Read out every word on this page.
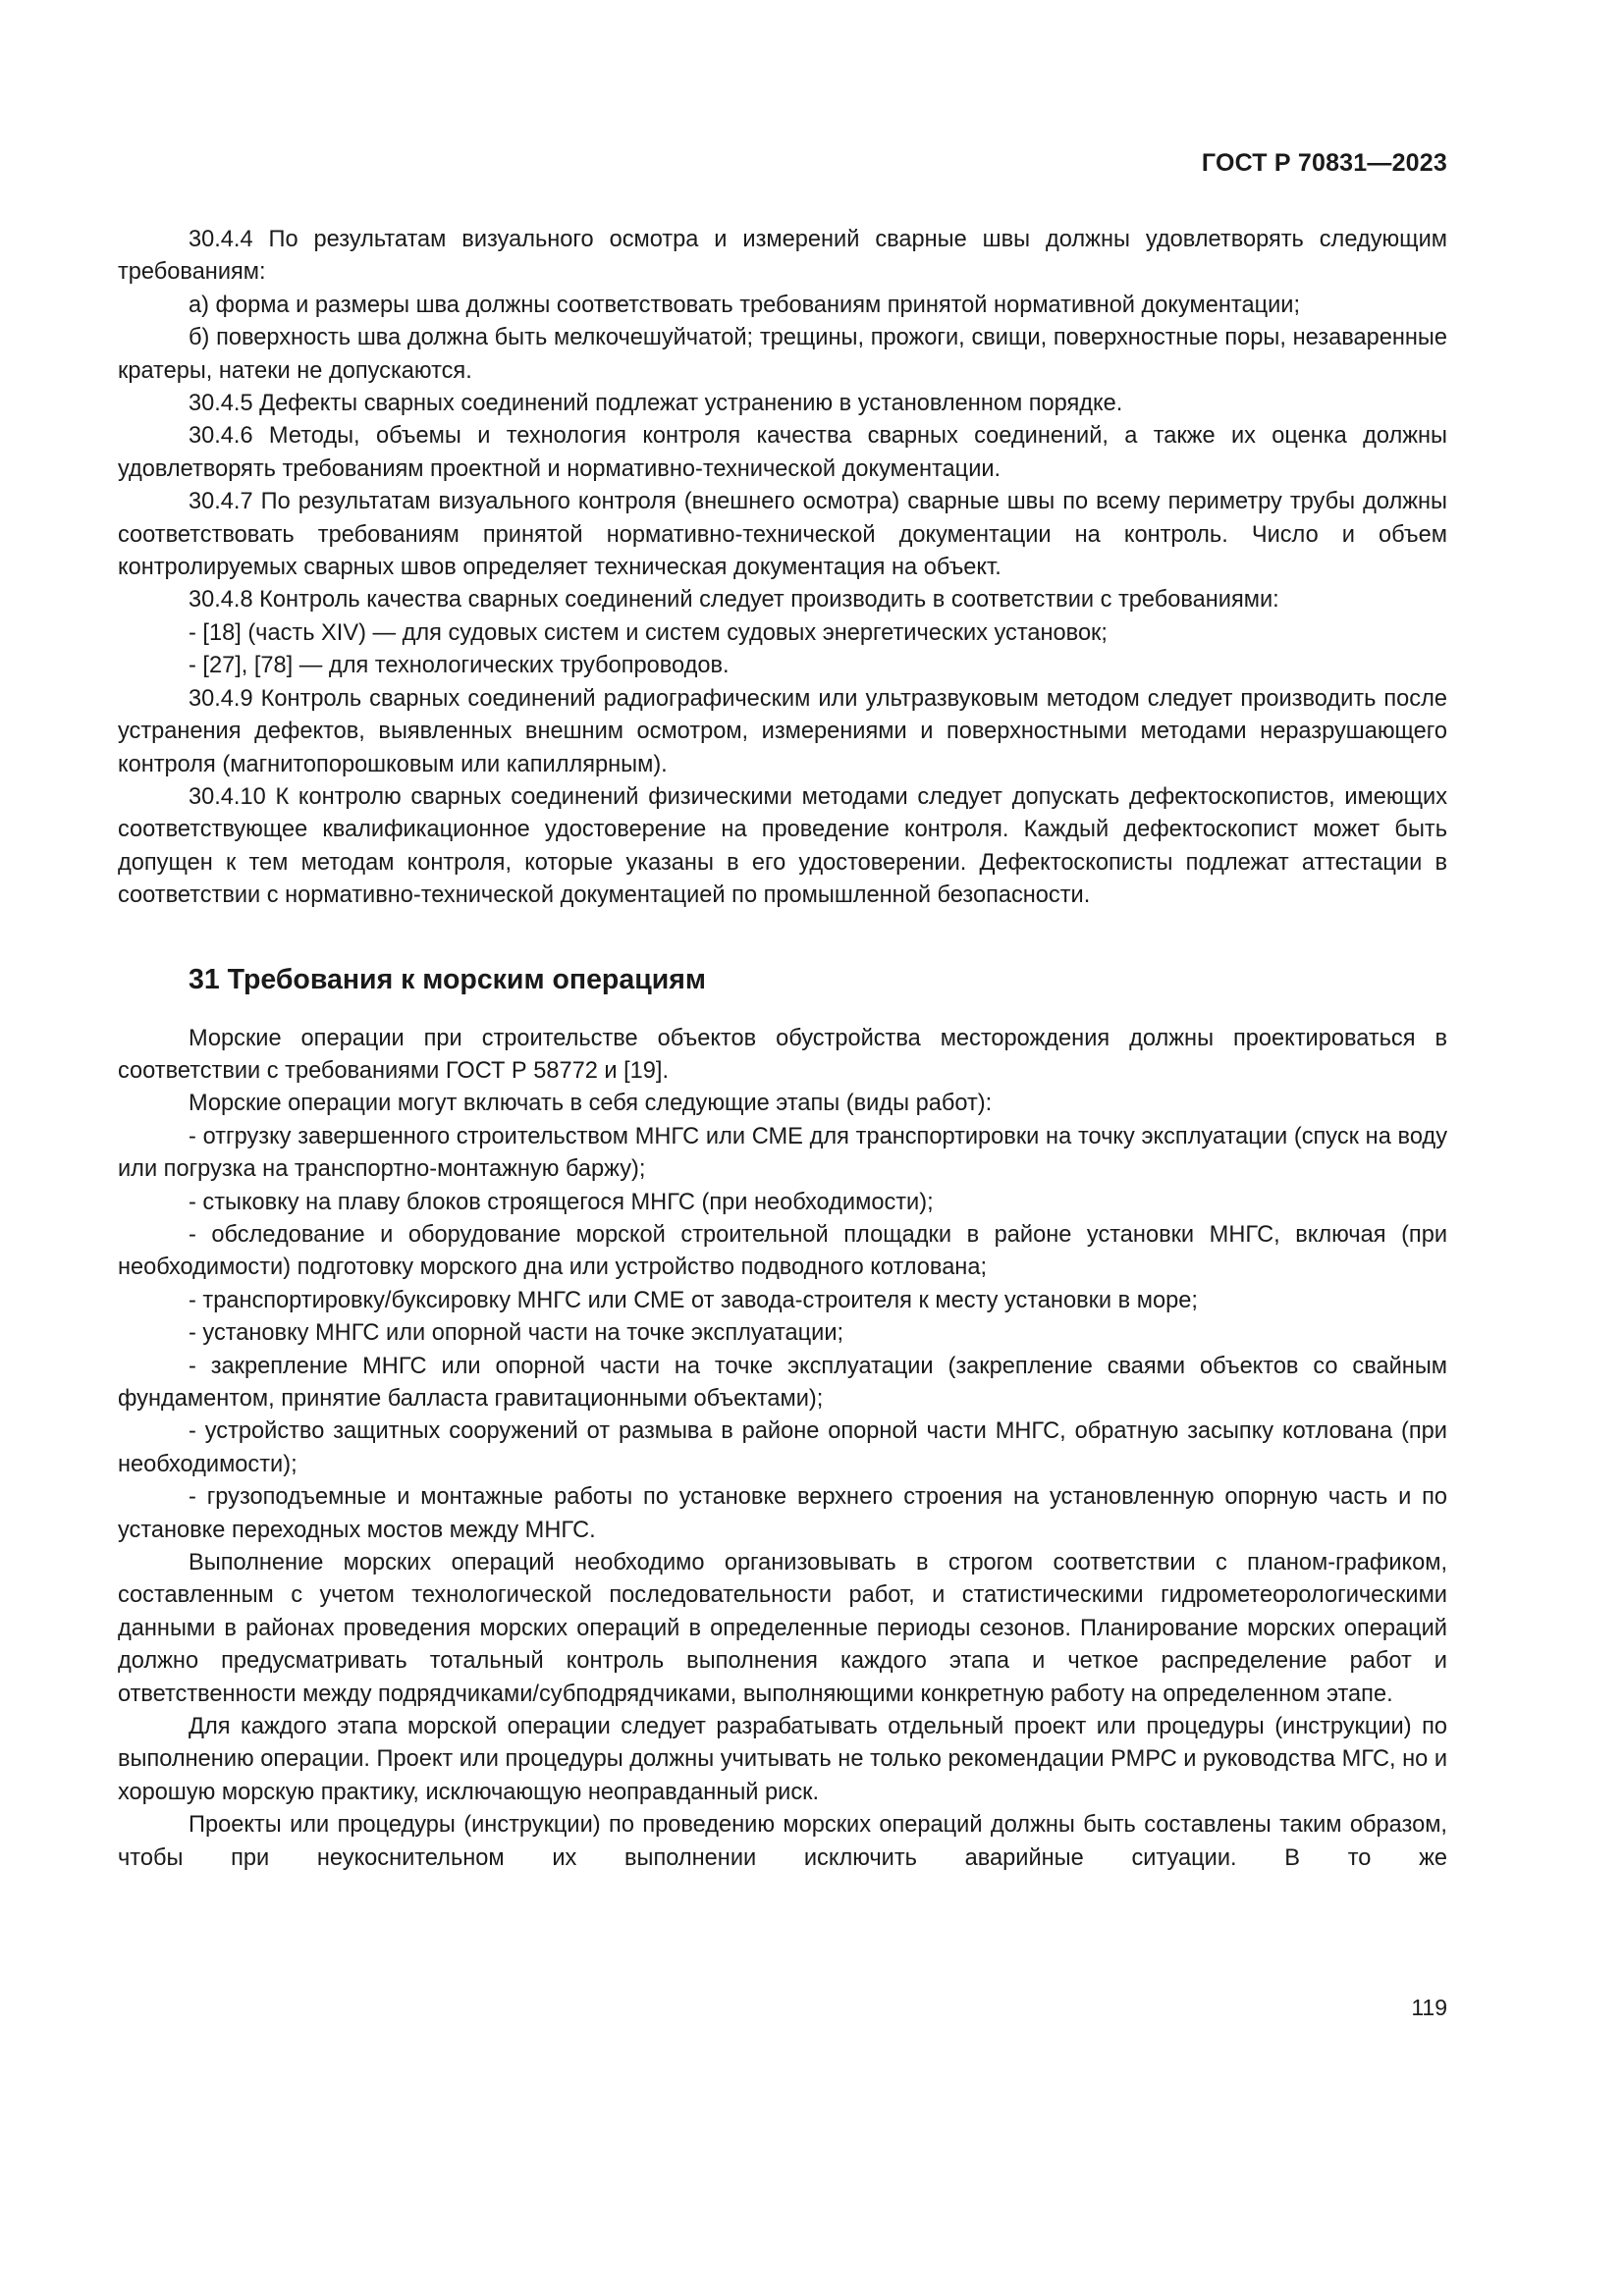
ГОСТ Р 70831—2023

30.4.4 По результатам визуального осмотра и измерений сварные швы должны удовлетворять следующим требованиям:

а) форма и размеры шва должны соответствовать требованиям принятой нормативной документации;

б) поверхность шва должна быть мелкочешуйчатой; трещины, прожоги, свищи, поверхностные поры, незаваренные кратеры, натеки не допускаются.

30.4.5 Дефекты сварных соединений подлежат устранению в установленном порядке.

30.4.6 Методы, объемы и технология контроля качества сварных соединений, а также их оценка должны удовлетворять требованиям проектной и нормативно-технической документации.

30.4.7 По результатам визуального контроля (внешнего осмотра) сварные швы по всему периметру трубы должны соответствовать требованиям принятой нормативно-технической документации на контроль. Число и объем контролируемых сварных швов определяет техническая документация на объект.

30.4.8 Контроль качества сварных соединений следует производить в соответствии с требованиями:

- [18] (часть XIV) — для судовых систем и систем судовых энергетических установок;

- [27], [78] — для технологических трубопроводов.

30.4.9 Контроль сварных соединений радиографическим или ультразвуковым методом следует производить после устранения дефектов, выявленных внешним осмотром, измерениями и поверхностными методами неразрушающего контроля (магнитопорошковым или капиллярным).

30.4.10 К контролю сварных соединений физическими методами следует допускать дефектоскопистов, имеющих соответствующее квалификационное удостоверение на проведение контроля. Каждый дефектоскопист может быть допущен к тем методам контроля, которые указаны в его удостоверении. Дефектоскописты подлежат аттестации в соответствии с нормативно-технической документацией по промышленной безопасности.

31 Требования к морским операциям

Морские операции при строительстве объектов обустройства месторождения должны проектироваться в соответствии с требованиями ГОСТ Р 58772 и [19].

Морские операции могут включать в себя следующие этапы (виды работ):

- отгрузку завершенного строительством МНГС или СМЕ для транспортировки на точку эксплуатации (спуск на воду или погрузка на транспортно-монтажную баржу);

- стыковку на плаву блоков строящегося МНГС (при необходимости);

- обследование и оборудование морской строительной площадки в районе установки МНГС, включая (при необходимости) подготовку морского дна или устройство подводного котлована;

- транспортировку/буксировку МНГС или СМЕ от завода-строителя к месту установки в море;

- установку МНГС или опорной части на точке эксплуатации;

- закрепление МНГС или опорной части на точке эксплуатации (закрепление сваями объектов со свайным фундаментом, принятие балласта гравитационными объектами);

- устройство защитных сооружений от размыва в районе опорной части МНГС, обратную засыпку котлована (при необходимости);

- грузоподъемные и монтажные работы по установке верхнего строения на установленную опорную часть и по установке переходных мостов между МНГС.

Выполнение морских операций необходимо организовывать в строгом соответствии с планом-графиком, составленным с учетом технологической последовательности работ, и статистическими гидрометеорологическими данными в районах проведения морских операций в определенные периоды сезонов. Планирование морских операций должно предусматривать тотальный контроль выполнения каждого этапа и четкое распределение работ и ответственности между подрядчиками/субподрядчиками, выполняющими конкретную работу на определенном этапе.

Для каждого этапа морской операции следует разрабатывать отдельный проект или процедуры (инструкции) по выполнению операции. Проект или процедуры должны учитывать не только рекомендации РМРС и руководства МГС, но и хорошую морскую практику, исключающую неоправданный риск.

Проекты или процедуры (инструкции) по проведению морских операций должны быть составлены таким образом, чтобы при неукоснительном их выполнении исключить аварийные ситуации. В то же

119
